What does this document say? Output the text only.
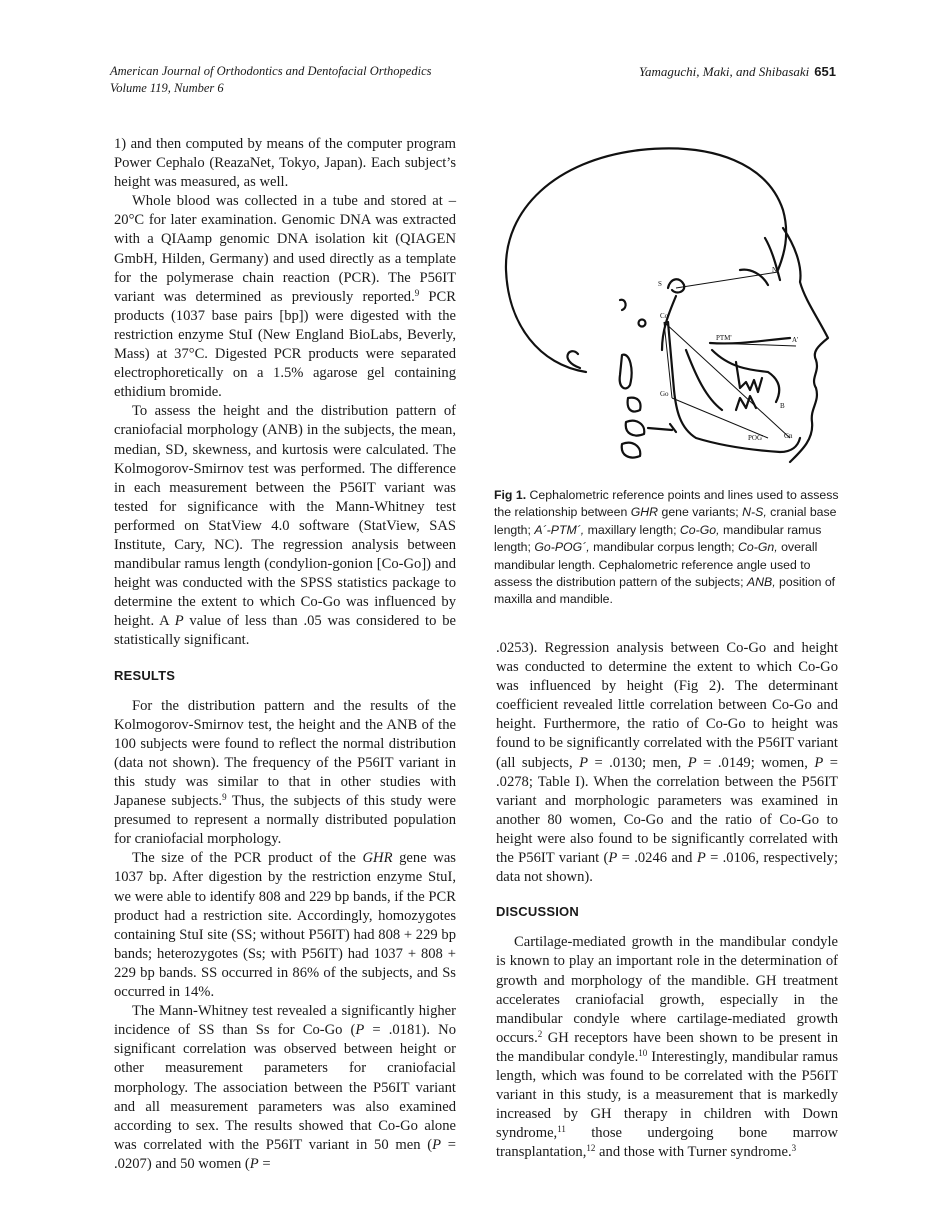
American Journal of Orthodontics and Dentofacial Orthopedics
Volume 119, Number 6
Yamaguchi, Maki, and Shibasaki 651

1) and then computed by means of the computer program Power Cephalo (ReazaNet, Tokyo, Japan). Each subject’s height was measured, as well.

Whole blood was collected in a tube and stored at –20°C for later examination. Genomic DNA was extracted with a QIAamp genomic DNA isolation kit (QIAGEN GmbH, Hilden, Germany) and used directly as a template for the polymerase chain reaction (PCR). The P56IT variant was determined as previously reported.$^9$ PCR products (1037 base pairs [bp]) were digested with the restriction enzyme StuI (New England BioLabs, Beverly, Mass) at 37°C. Digested PCR products were separated electrophoretically on a 1.5% agarose gel containing ethidium bromide.

To assess the height and the distribution pattern of craniofacial morphology (ANB) in the subjects, the mean, median, SD, skewness, and kurtosis were calculated. The Kolmogorov-Smirnov test was performed. The difference in each measurement between the P56IT variant was tested for significance with the Mann-Whitney test performed on StatView 4.0 software (StatView, SAS Institute, Cary, NC). The regression analysis between mandibular ramus length (condylion-gonion [Co-Go]) and height was conducted with the SPSS statistics package to determine the extent to which Co-Go was influenced by height. A P value of less than .05 was considered to be statistically significant.

RESULTS

For the distribution pattern and the results of the Kolmogorov-Smirnov test, the height and the ANB of the 100 subjects were found to reflect the normal distribution (data not shown). The frequency of the P56IT variant in this study was similar to that in other studies with Japanese subjects.$^9$ Thus, the subjects of this study were presumed to represent a normally distributed population for craniofacial morphology.

The size of the PCR product of the GHR gene was 1037 bp. After digestion by the restriction enzyme StuI, we were able to identify 808 and 229 bp bands, if the PCR product had a restriction site. Accordingly, homozygotes containing StuI site (SS; without P56IT) had 808 + 229 bp bands; heterozygotes (Ss; with P56IT) had 1037 + 808 + 229 bp bands. SS occurred in 86% of the subjects, and Ss occurred in 14%.

The Mann-Whitney test revealed a significantly higher incidence of SS than Ss for Co-Go (P = .0181). No significant correlation was observed between height or other measurement parameters for craniofacial morphology. The association between the P56IT variant and all measurement parameters was also examined according to sex. The results showed that Co-Go alone was correlated with the P56IT variant in 50 men (P = .0207) and 50 women (P =

S
N
Co
PTM'	A'
Go
B
Gn
POG'
Fig 1. Cephalometric reference points and lines used to assess the relationship between GHR gene variants; N-S, cranial base length; A´-PTM´, maxillary length; Co-Go, mandibular ramus length; Go-POG´, mandibular corpus length; Co-Gn, overall mandibular length. Cephalometric reference angle used to assess the distribution pattern of the subjects; ANB, position of maxilla and mandible.

.0253). Regression analysis between Co-Go and height was conducted to determine the extent to which Co-Go was influenced by height (Fig 2). The determinant coefficient revealed little correlation between Co-Go and height. Furthermore, the ratio of Co-Go to height was found to be significantly correlated with the P56IT variant (all subjects, P = .0130; men, P = .0149; women, P = .0278; Table I). When the correlation between the P56IT variant and morphologic parameters was examined in another 80 women, Co-Go and the ratio of Co-Go to height were also found to be significantly correlated with the P56IT variant (P = .0246 and P = .0106, respectively; data not shown).

DISCUSSION

Cartilage-mediated growth in the mandibular condyle is known to play an important role in the determination of growth and morphology of the mandible. GH treatment accelerates craniofacial growth, especially in the mandibular condyle where cartilage-mediated growth occurs.$^2$ GH receptors have been shown to be present in the mandibular condyle.$^{10}$ Interestingly, mandibular ramus length, which was found to be correlated with the P56IT variant in this study, is a measurement that is markedly increased by GH therapy in children with Down syndrome,$^{11}$ those undergoing bone marrow transplantation,$^{12}$ and those with Turner syndrome.$^3$
